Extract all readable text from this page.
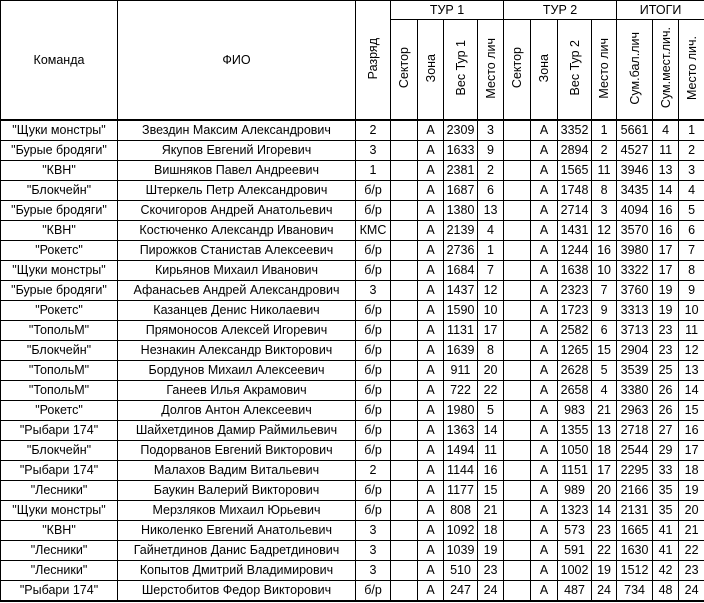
Команда	ФИО	Разряд	ТУР 1				ТУР 2				ИТОГИ		
			Сектор	Зона	Вес Тур 1	Место лич	Сектор	Зона	Вес Тур 2	Место лич	Сум.бал.лич	Сум.мест.лич.	Место лич.
"Щуки монстры"	Звездин Максим Александрович	2		А	2309	3		А	3352	1	5661	4	1
"Бурые бродяги"	Якупов Евгений Игоревич	3		А	1633	9		А	2894	2	4527	11	2
"КВН"	Вишняков Павел Андреевич	1		А	2381	2		А	1565	11	3946	13	3
"Блокчейн"	Штеркель Петр Александрович	б/р		А	1687	6		А	1748	8	3435	14	4
"Бурые бродяги"	Скочигоров Андрей Анатольевич	б/р		А	1380	13		А	2714	3	4094	16	5
"КВН"	Костюченко Александр Иванович	КМС		А	2139	4		А	1431	12	3570	16	6
"Рокетс"	Пирожков Станистав Алексеевич	б/р		А	2736	1		А	1244	16	3980	17	7
"Щуки монстры"	Кирьянов Михаил Иванович	б/р		А	1684	7		А	1638	10	3322	17	8
"Бурые бродяги"	Афанасьев Андрей Александрович	3		А	1437	12		А	2323	7	3760	19	9
"Рокетс"	Казанцев Денис Николаевич	б/р		А	1590	10		А	1723	9	3313	19	10
"ТопольМ"	Прямоносов Алексей Игоревич	б/р		А	1131	17		А	2582	6	3713	23	11
"Блокчейн"	Незнакин Александр Викторович	б/р		А	1639	8		А	1265	15	2904	23	12
"ТопольМ"	Бордунов Михаил Алексеевич	б/р		А	911	20		А	2628	5	3539	25	13
"ТопольМ"	Ганеев Илья Акрамович	б/р		А	722	22		А	2658	4	3380	26	14
"Рокетс"	Долгов Антон Алексеевич	б/р		А	1980	5		А	983	21	2963	26	15
"Рыбари 174"	Шайхетдинов Дамир Раймильевич	б/р		А	1363	14		А	1355	13	2718	27	16
"Блокчейн"	Подорванов Евгений Викторович	б/р		А	1494	11		А	1050	18	2544	29	17
"Рыбари 174"	Малахов Вадим Витальевич	2		А	1144	16		А	1151	17	2295	33	18
"Лесники"	Баукин Валерий Викторович	б/р		А	1177	15		А	989	20	2166	35	19
"Щуки монстры"	Мерзляков Михаил Юрьевич	б/р		А	808	21		А	1323	14	2131	35	20
"КВН"	Николенко Евгений Анатольевич	3		А	1092	18		А	573	23	1665	41	21
"Лесники"	Гайнетдинов Данис Бадретдинович	3		А	1039	19		А	591	22	1630	41	22
"Лесники"	Копытов Дмитрий Владимирович	3		А	510	23		А	1002	19	1512	42	23
"Рыбари 174"	Шерстобитов Федор Викторович	б/р		А	247	24		А	487	24	734	48	24
